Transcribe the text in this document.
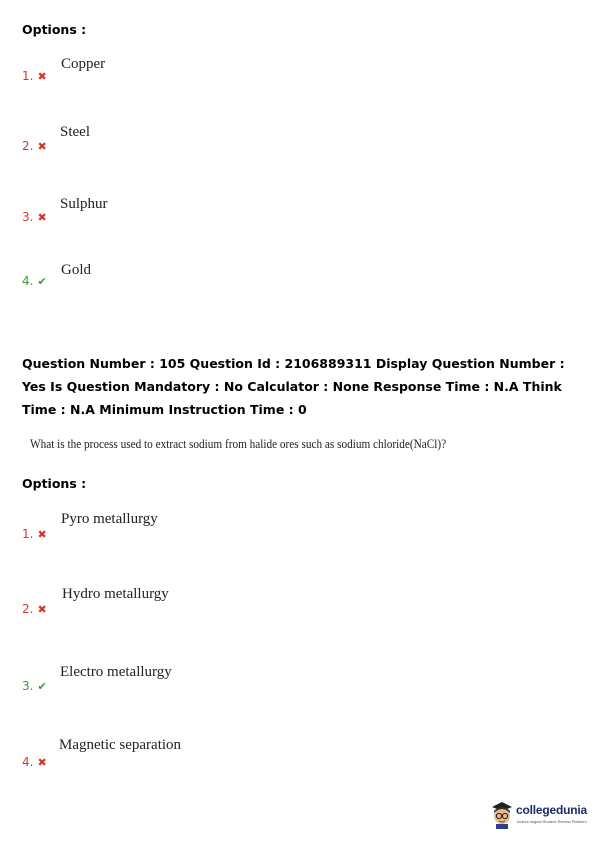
Options :
1. ✖
Copper
2. ✖
Steel
3. ✖
Sulphur
4. ✔
Gold
Question Number : 105 Question Id : 2106889311 Display Question Number : Yes Is Question Mandatory : No Calculator : None Response Time : N.A Think Time : N.A Minimum Instruction Time : 0
What is the process used to extract sodium from halide ores such as sodium chloride(NaCl)?
Options :
1. ✖
Pyro metallurgy
2. ✖
Hydro metallurgy
3. ✔
Electro metallurgy
4. ✖
Magnetic separation
collegedunia
India's largest Student Review Platform
